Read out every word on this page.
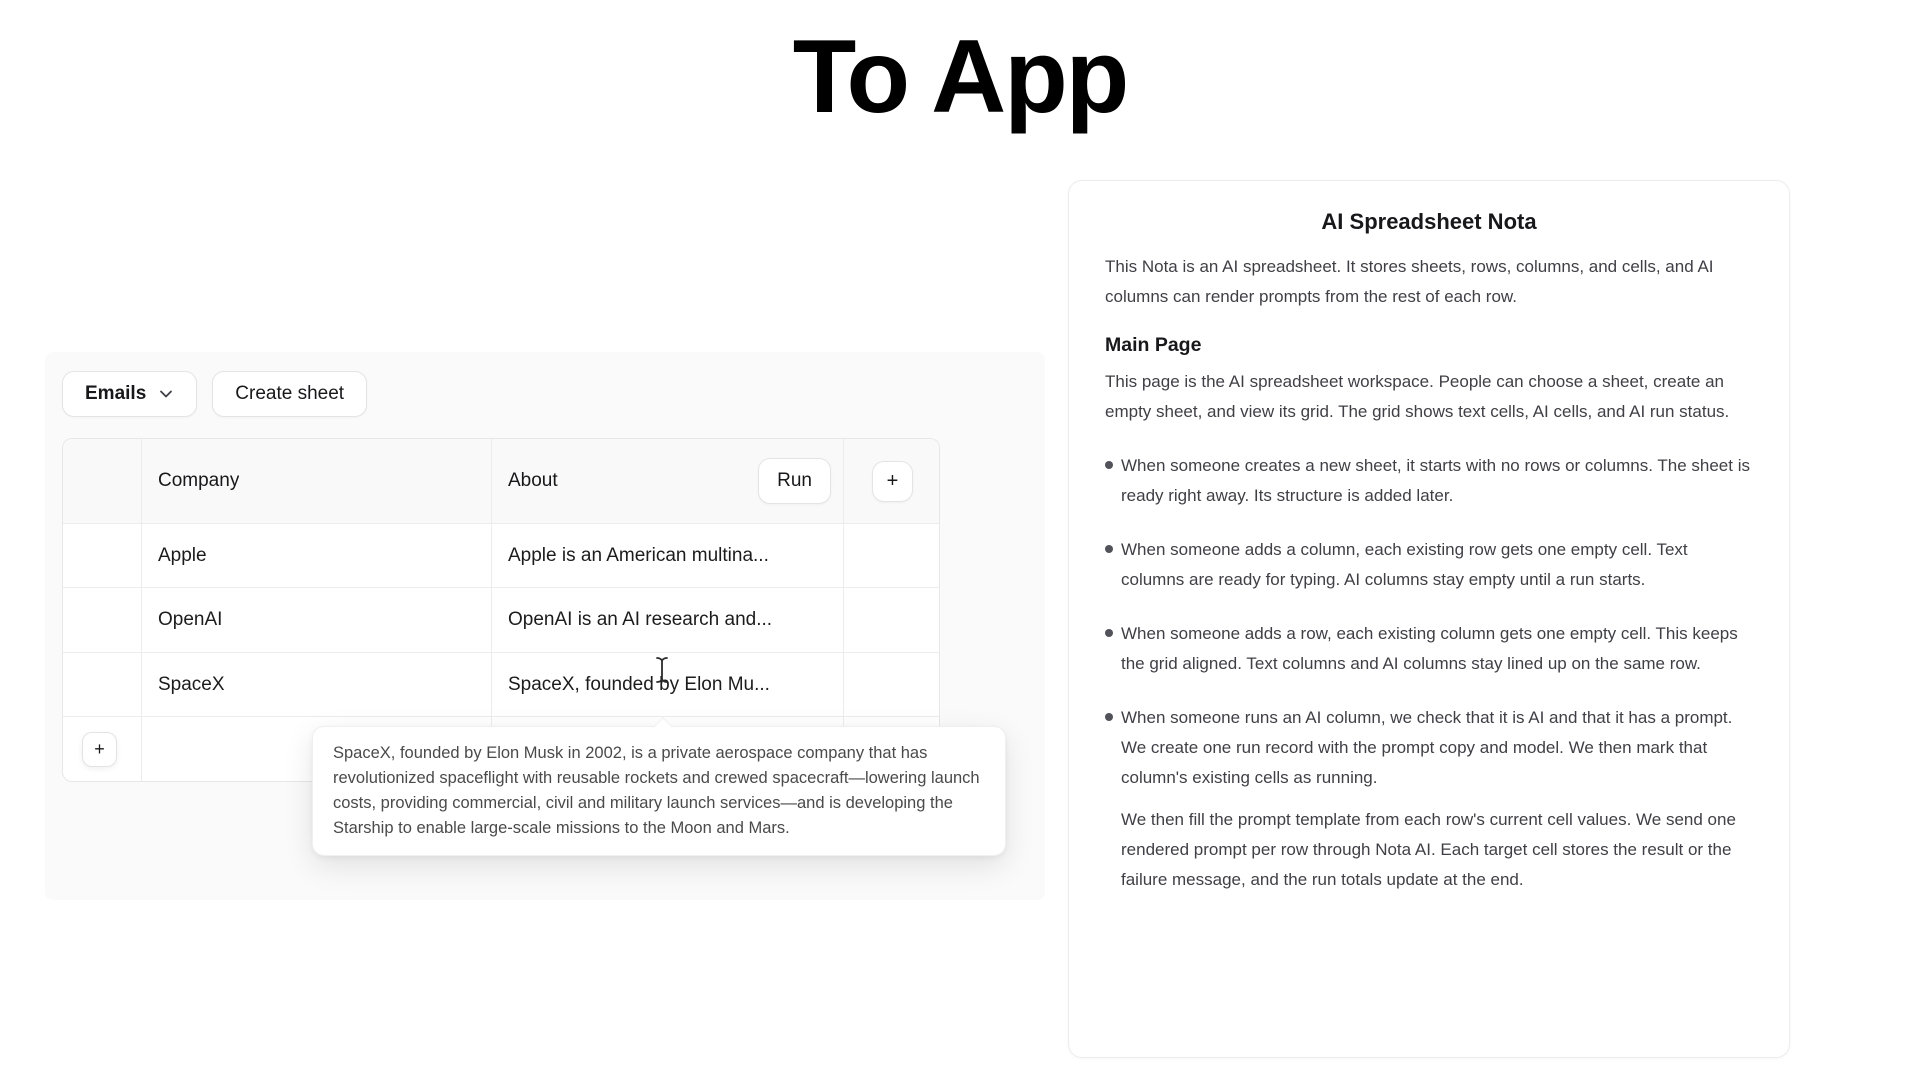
To App
Emails	Create sheet
Company	About	Run	+
Apple	Apple is an American multina...
OpenAI	OpenAI is an AI research and...
SpaceX	SpaceX, founded by Elon Mu...
+	SpaceX, founded by Elon Musk in 2002, is a private aerospace company that has revolutionized spaceflight with reusable rockets and crewed spacecraft—lowering launch costs, providing commercial, civil and military launch services—and is developing the Starship to enable large-scale missions to the Moon and Mars.
AI Spreadsheet Nota

This Nota is an AI spreadsheet. It stores sheets, rows, columns, and cells, and AI columns can render prompts from the rest of each row.

Main Page

This page is the AI spreadsheet workspace. People can choose a sheet, create an empty sheet, and view its grid. The grid shows text cells, AI cells, and AI run status.

When someone creates a new sheet, it starts with no rows or columns. The sheet is ready right away. Its structure is added later.
When someone adds a column, each existing row gets one empty cell. Text columns are ready for typing. AI columns stay empty until a run starts.
When someone adds a row, each existing column gets one empty cell. This keeps the grid aligned. Text columns and AI columns stay lined up on the same row.
When someone runs an AI column, we check that it is AI and that it has a prompt. We create one run record with the prompt copy and model. We then mark that column's existing cells as running.

We then fill the prompt template from each row's current cell values. We send one rendered prompt per row through Nota AI. Each target cell stores the result or the failure message, and the run totals update at the end.
